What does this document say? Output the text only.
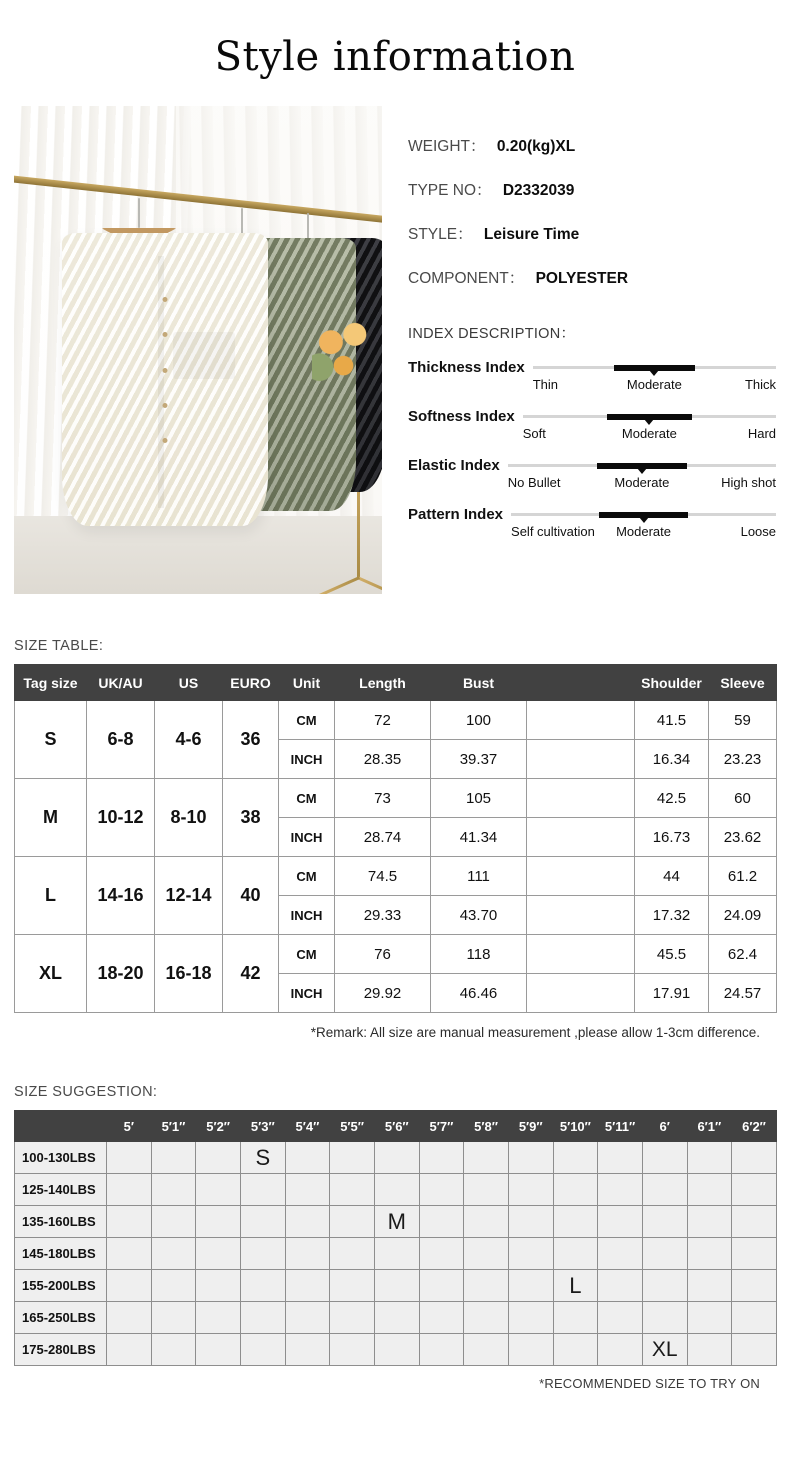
Style information
WEIGHT： 0.20(kg)XL
TYPE NO： D2332039
STYLE： Leisure Time
COMPONENT： POLYESTER
INDEX DESCRIPTION：
Thickness Index
Thin	Moderate	Thick
Softness Index
Soft	Moderate	Hard
Elastic Index
No Bullet	Moderate	High shot
Pattern Index
Self cultivation	Moderate	Loose
SIZE TABLE:
Tag size	UK/AU	US	EURO	Unit	Length	Bust		Shoulder	Sleeve
S	6-8	4-6	36	CM	72	100		41.5	59
				INCH	28.35	39.37		16.34	23.23
M	10-12	8-10	38	CM	73	105		42.5	60
				INCH	28.74	41.34		16.73	23.62
L	14-16	12-14	40	CM	74.5	111		44	61.2
				INCH	29.33	43.70		17.32	24.09
XL	18-20	16-18	42	CM	76	118		45.5	62.4
				INCH	29.92	46.46		17.91	24.57
*Remark: All size are manual measurement ,please allow 1-3cm difference.
SIZE SUGGESTION:
	5′	5′1″	5′2″	5′3″	5′4″	5′5″	5′6″	5′7″	5′8″	5′9″	5′10″	5′11″	6′	6′1″	6′2″
100-130LBS				S											

125-140LBS															
135-160LBS							M								

145-180LBS															
155-200LBS											L				

165-250LBS															
175-280LBS													XL		

*RECOMMENDED SIZE TO TRY ON
